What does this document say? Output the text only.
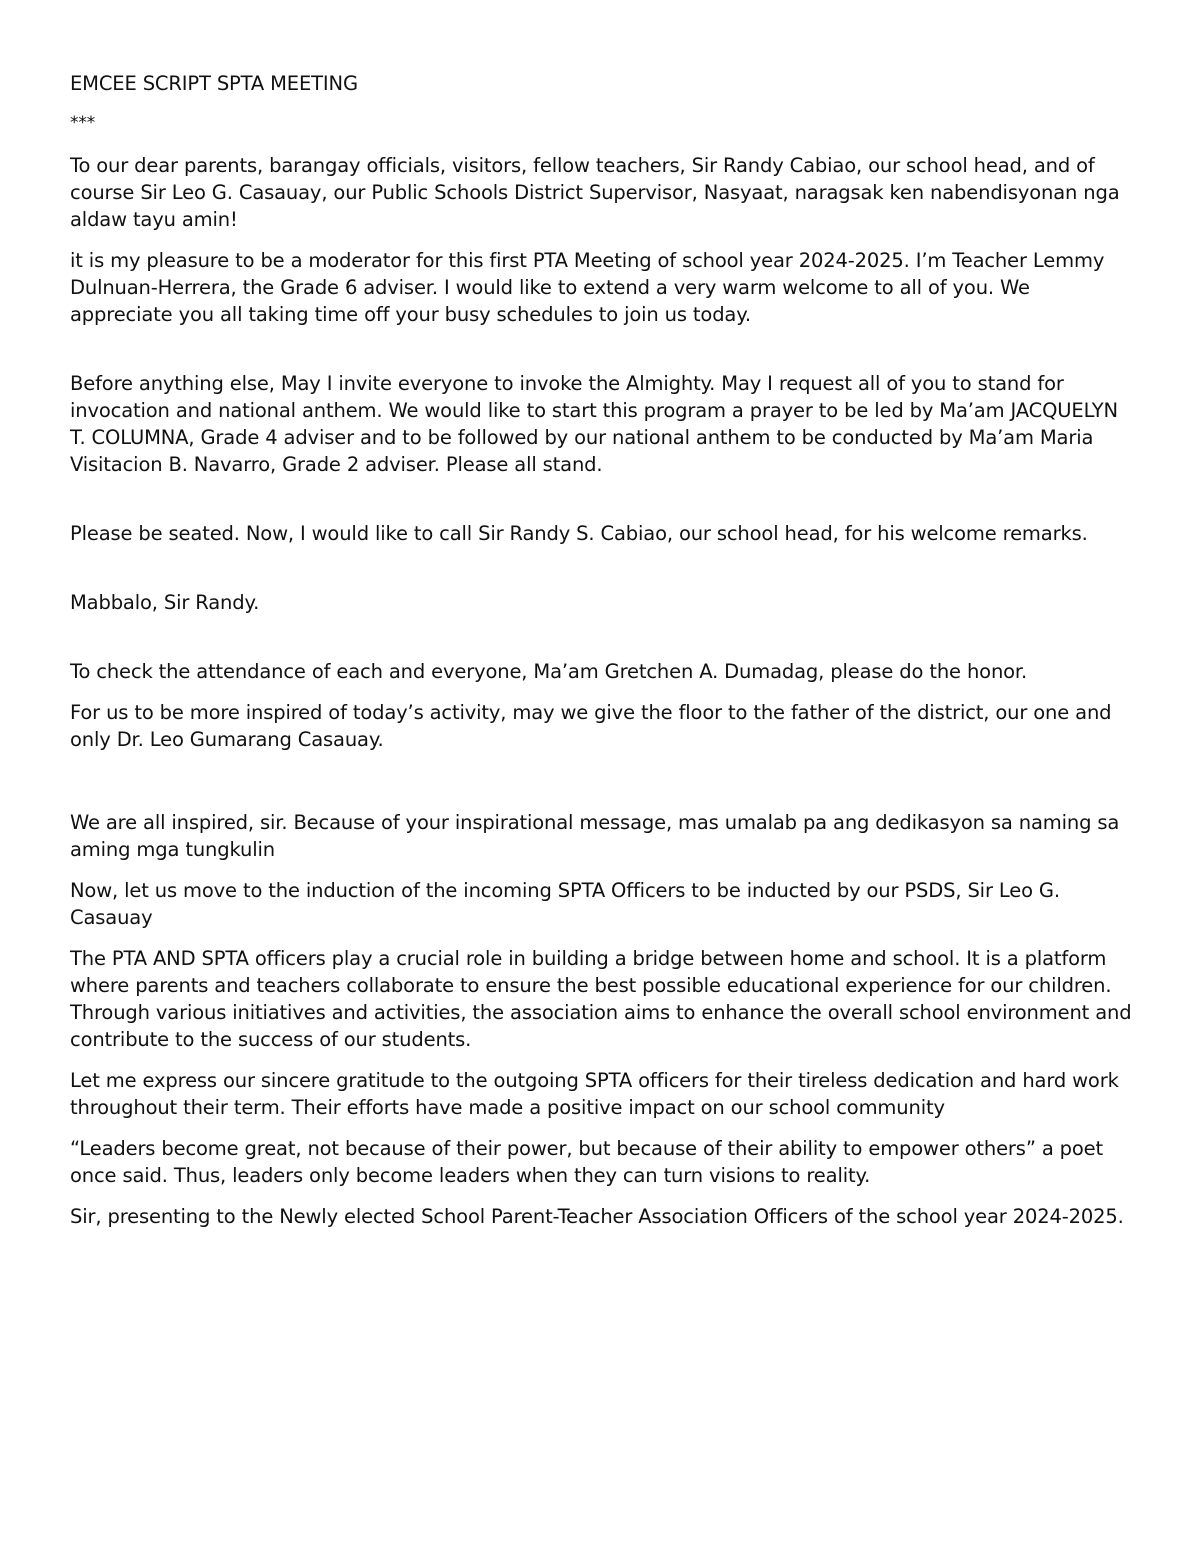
EMCEE SCRIPT SPTA MEETING
***

To our dear parents, barangay officials, visitors, fellow teachers, Sir Randy Cabiao, our school head, and of course Sir Leo G. Casauay, our Public Schools District Supervisor, Nasyaat, naragsak ken nabendisyonan nga aldaw tayu amin!

it is my pleasure to be a moderator for this first PTA Meeting of school year 2024-2025. I’m Teacher Lemmy Dulnuan-Herrera, the Grade 6 adviser. I would like to extend a very warm welcome to all of you. We appreciate you all taking time off your busy schedules to join us today.

Before anything else, May I invite everyone to invoke the Almighty. May I request all of you to stand for invocation and national anthem. We would like to start this program a prayer to be led by Ma’am JACQUELYN T. COLUMNA, Grade 4 adviser and to be followed by our national anthem to be conducted by Ma’am Maria Visitacion B. Navarro, Grade 2 adviser. Please all stand.

Please be seated. Now, I would like to call Sir Randy S. Cabiao, our school head, for his welcome remarks.

Mabbalo, Sir Randy.

To check the attendance of each and everyone, Ma’am Gretchen A. Dumadag, please do the honor.

For us to be more inspired of today’s activity, may we give the floor to the father of the district, our one and only Dr. Leo Gumarang Casauay.

We are all inspired, sir. Because of your inspirational message, mas umalab pa ang dedikasyon sa naming sa aming mga tungkulin

Now, let us move to the induction of the incoming SPTA Officers to be inducted by our PSDS, Sir Leo G. Casauay

The PTA AND SPTA officers play a crucial role in building a bridge between home and school. It is a platform where parents and teachers collaborate to ensure the best possible educational experience for our children. Through various initiatives and activities, the association aims to enhance the overall school environment and contribute to the success of our students.

Let me express our sincere gratitude to the outgoing SPTA officers for their tireless dedication and hard work throughout their term. Their efforts have made a positive impact on our school community

“Leaders become great, not because of their power, but because of their ability to empower others” a poet once said. Thus, leaders only become leaders when they can turn visions to reality.

Sir, presenting to the Newly elected School Parent-Teacher Association Officers of the school year 2024-2025.
